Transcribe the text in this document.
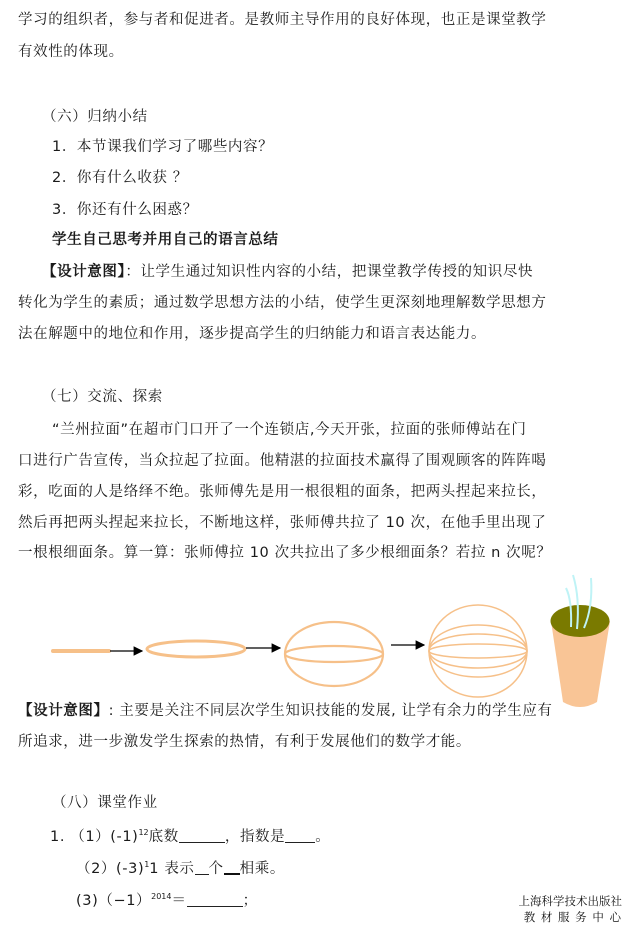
学习的组织者，参与者和促进者。是教师主导作用的良好体现，也正是课堂教学
有效性的体现。
（六）归纳小结
1．本节课我们学习了哪些内容？
2．你有什么收获 ？
3．你还有什么困惑？
学生自己思考并用自己的语言总结
【设计意图】：让学生通过知识性内容的小结，把课堂教学传授的知识尽快
转化为学生的素质；通过数学思想方法的小结，使学生更深刻地理解数学思想方
法在解题中的地位和作用，逐步提高学生的归纳能力和语言表达能力。
（七）交流、探索
“兰州拉面”在超市门口开了一个连锁店,今天开张，拉面的张师傅站在门
口进行广告宣传，当众拉起了拉面。他精湛的拉面技术赢得了围观顾客的阵阵喝
彩，吃面的人是络绎不绝。张师傅先是用一根很粗的面条，把两头捏起来拉长，
然后再把两头捏起来拉长，不断地这样，张师傅共拉了 10 次，在他手里出现了
一根根细面条。算一算：张师傅拉 10 次共拉出了多少根细面条？若拉 n 次呢？
【设计意图】: 主要是关注不同层次学生知识技能的发展, 让学有余力的学生应有
所追求，进一步激发学生探索的热情，有利于发展他们的数学才能。
（八）课堂作业
1. $(1)(-1)^{12}$底数	，指数是 。
$(2)(-3)^11$ 表示 个 相乘。
$(3)(-1)^{2014}=$	；	上海科学技术出版社
教 材 服 务 中 心
